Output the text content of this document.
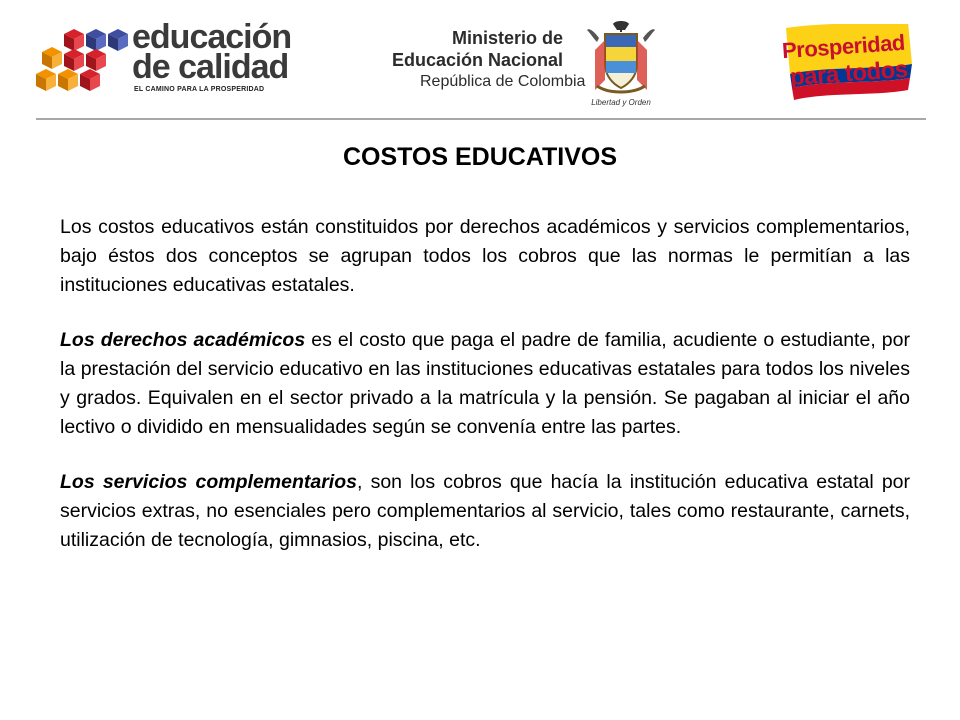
educación
de calidad
EL CAMINO PARA LA PROSPERIDAD
Ministerio de
Educación Nacional
República de Colombia
Libertad y Orden
Prosperidad
para todos
COSTOS EDUCATIVOS

Los costos educativos están constituidos por derechos académicos y servicios complementarios, bajo éstos dos conceptos se agrupan todos los cobros que las normas le permitían a las instituciones educativas estatales.

Los derechos académicos es el costo que paga el padre de familia, acudiente o estudiante, por la prestación del servicio educativo en las instituciones educativas estatales para todos los niveles y grados. Equivalen en el sector privado a la matrícula y la pensión. Se pagaban al iniciar el año lectivo o dividido en mensualidades según se convenía entre las partes.

Los servicios complementarios, son los cobros que hacía la institución educativa estatal por servicios extras, no esenciales pero complementarios al servicio, tales como restaurante, carnets, utilización de tecnología, gimnasios, piscina, etc.
